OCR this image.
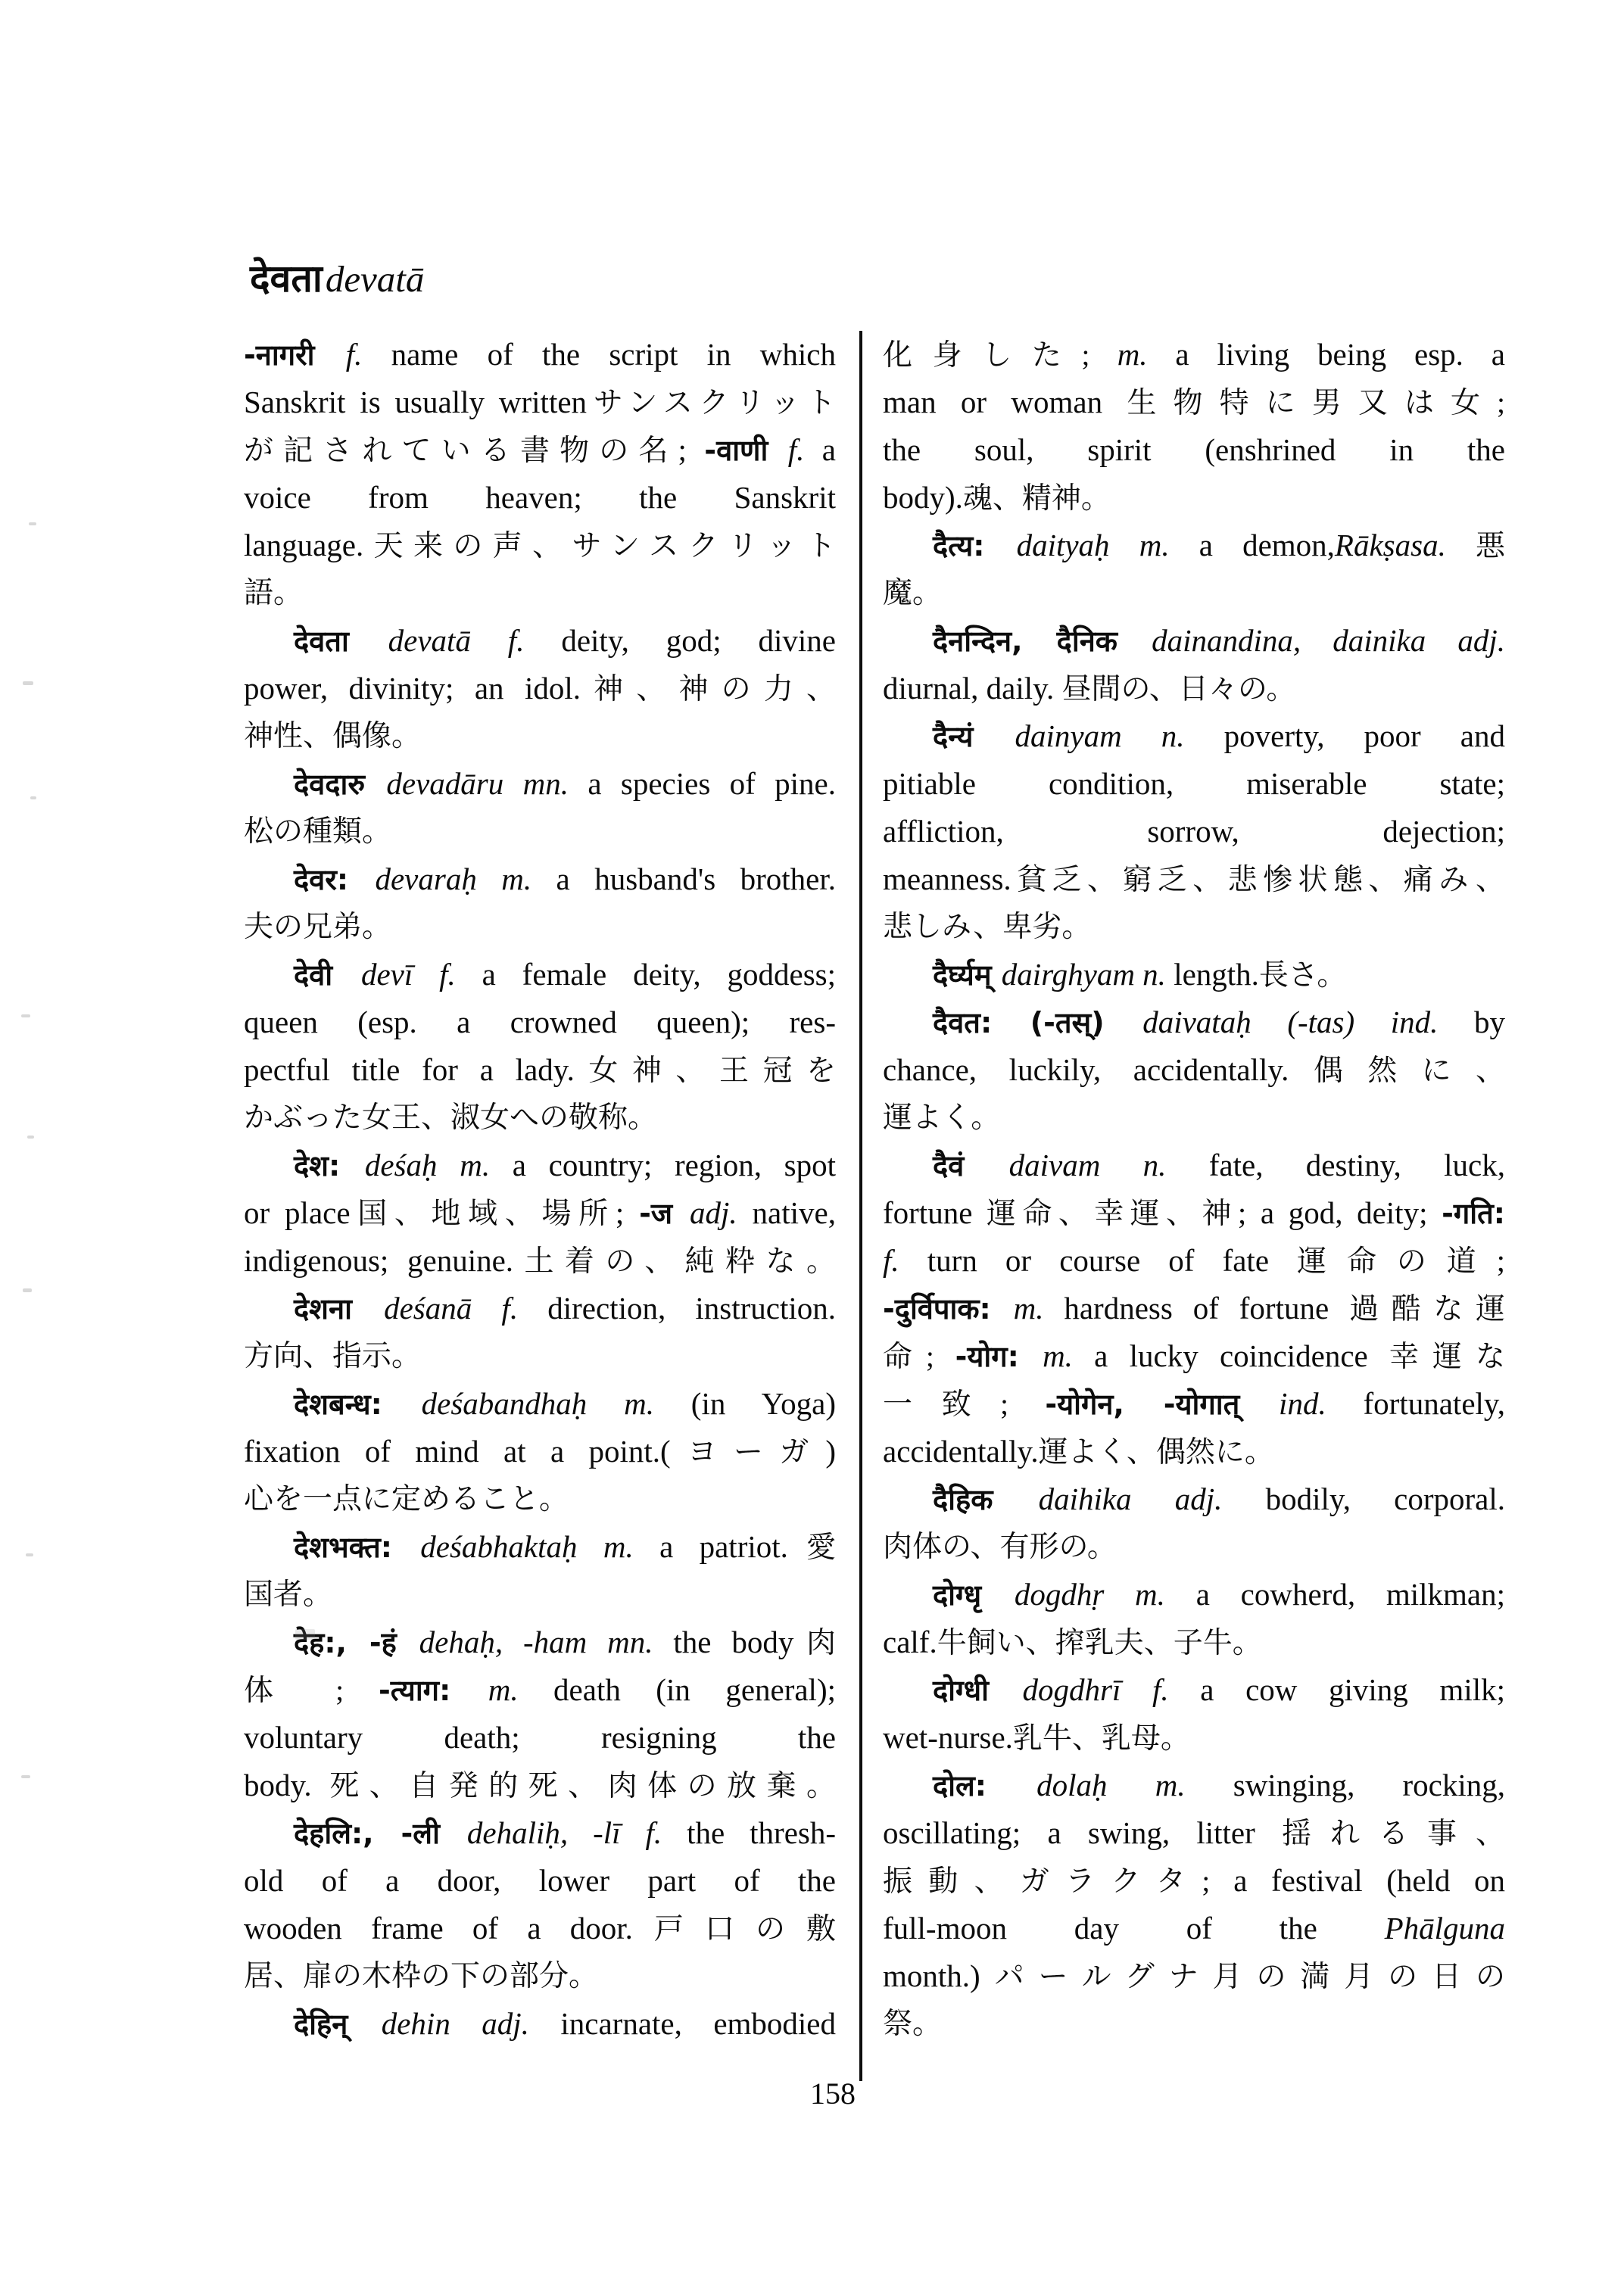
देवता devatā
-नागरी f. name of the script in which
Sanskrit is usually writtenサンスクリット
が記されている書物の名; -वाणी f. a
voice from heaven; the Sanskrit
language.天来の声、サンスクリット
語。
देवता devatā f. deity, god; divine
power, divinity; an idol.神、神の力、
神性、偶像。
देवदारु devadāru mn. a species of pine.
松の種類。
देवर: devaraḥ m. a husband's brother.
夫の兄弟。
देवी devī f. a female deity, goddess;
queen (esp. a crowned queen); res-
pectful title for a lady.女神、王冠を
かぶった女王、淑女への敬称。
देश: deśaḥ m. a country; region, spot
or place国、地域、場所; -ज adj. native,
indigenous; genuine.土着の、純粋な。
देशना deśanā f. direction, instruction.
方向、指示。
देशबन्ध: deśabandhaḥ m. (in Yoga)
fixation of mind at a point.(ヨーガ)
心を一点に定めること。
देशभक्त: deśabhaktaḥ m. a patriot.愛
国者。
देह:, -हं dehaḥ, -ham mn. the body肉
体 ; -त्याग: m. death (in general);
voluntary death; resigning the
body. 死、自発的死、肉体の放棄。
देहलि:, -ली dehaliḥ, -lī f. the thresh-
old of a door, lower part of the
wooden frame of a door.戸口の敷
居、扉の木枠の下の部分。
देहिन् dehin adj. incarnate, embodied
化身した; m. a living being esp. a
man or woman 生物特に男又は女;
the soul, spirit (enshrined in the
body).魂、精神。
दैत्य: daityaḥ m. a demon,Rākṣasa. 悪
魔。
दैनन्दिन, दैनिक dainandina, dainika adj.
diurnal, daily. 昼間の、日々の。
दैन्यं dainyam n. poverty, poor and
pitiable condition, miserable state;
affliction, sorrow, dejection;
meanness.貧乏、窮乏、悲惨状態、痛み、
悲しみ、卑劣。
दैर्घ्यम् dairghyam n. length.長さ。
दैवत: (-तस्) daivataḥ (-tas) ind. by
chance, luckily, accidentally.偶然に、
運よく。
दैवं daivam n. fate, destiny, luck,
fortune 運命、幸運、神; a god, deity; -गति:
f. turn or course of fate 運命の道;
-दुर्विपाक: m. hardness of fortune 過酷な運
命; -योग: m. a lucky coincidence 幸運な
一致; -योगेन, -योगात् ind. fortunately,
accidentally.運よく、偶然に。
दैहिक daihika adj. bodily, corporal.
肉体の、有形の。
दोग्धृ dogdhṛ m. a cowherd, milkman;
calf.牛飼い、搾乳夫、子牛。
दोग्धी dogdhrī f. a cow giving milk;
wet-nurse.乳牛、乳母。
दोल: dolaḥ m. swinging, rocking,
oscillating; a swing, litter 揺れる事、
振動、ガラクタ; a festival (held on
full-moon day of the Phālguna
month.)パールグナ月の満月の日の
祭。
158
